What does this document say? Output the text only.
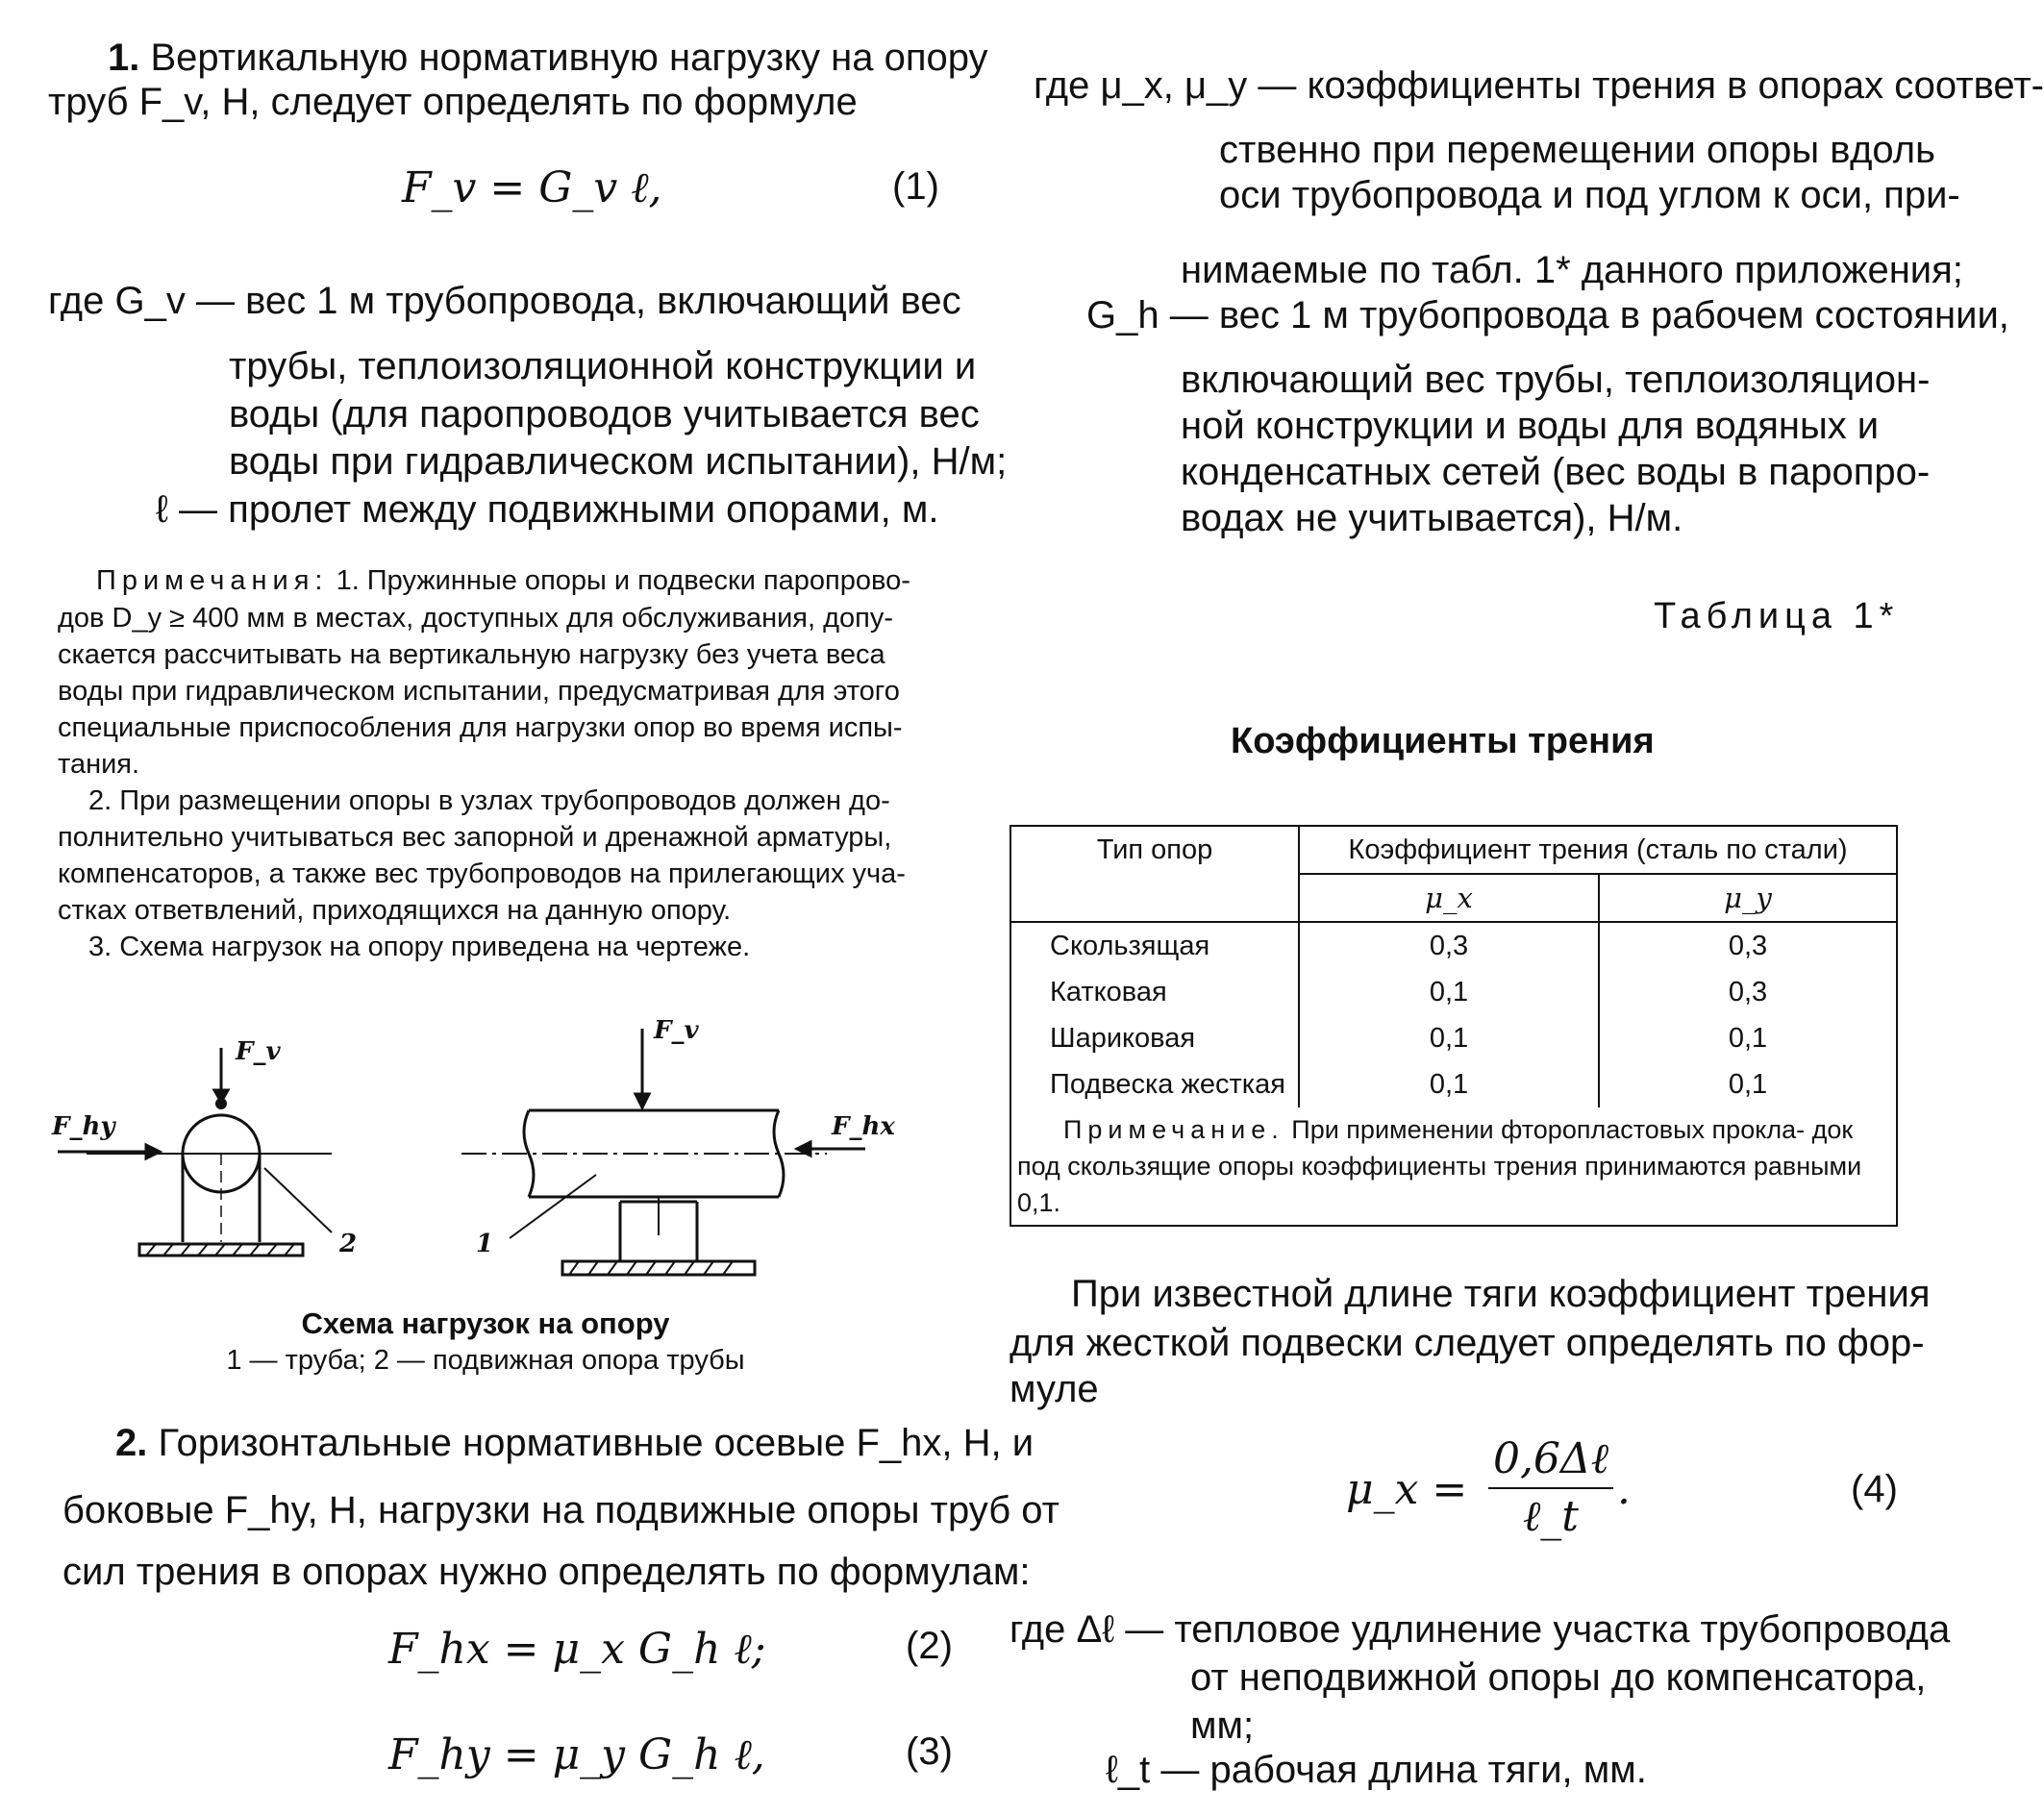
1. Вертикальную нормативную нагрузку на опору
труб F_v, Н, следует определять по формуле
F_v = G_v ℓ,	(1)
где G_v — вес 1 м трубопровода, включающий вес
трубы, теплоизоляционной конструкции и
воды (для паропроводов учитывается вес
воды при гидравлическом испытании), Н/м;
ℓ — пролет между подвижными опорами, м.
Примечания: 1. Пружинные опоры и подвески паропрово-
дов D_y ≥ 400 мм в местах, доступных для обслуживания, допу-
скается рассчитывать на вертикальную нагрузку без учета веса
воды при гидравлическом испытании, предусматривая для этого
специальные приспособления для нагрузки опор во время испы-
тания.
2. При размещении опоры в узлах трубопроводов должен до-
полнительно учитываться вес запорной и дренажной арматуры,
компенсаторов, а также вес трубопроводов на прилегающих уча-
стках ответвлений, приходящихся на данную опору.
3. Схема нагрузок на опору приведена на чертеже.
F_v
F_hy
F_v
F_hx
2	1
Схема нагрузок на опору
1 — труба; 2 — подвижная опора трубы
2. Горизонтальные нормативные осевые F_hx, Н, и
боковые F_hy, Н, нагрузки на подвижные опоры труб от
сил трения в опорах нужно определять по формулам:
F_hx = μ_x G_h ℓ;	(2)
F_hy = μ_y G_h ℓ,	(3)
где μ_x, μ_y — коэффициенты трения в опорах соответ-
ственно при перемещении опоры вдоль
оси трубопровода и под углом к оси, при-
нимаемые по табл. 1* данного приложения;
G_h — вес 1 м трубопровода в рабочем состоянии,
включающий вес трубы, теплоизоляцион-
ной конструкции и воды для водяных и
конденсатных сетей (вес воды в паропро-
водах не учитывается), Н/м.
Таблица 1*
Коэффициенты трения
Тип опор	Коэффициент трения (сталь по стали)	
	μ_x	μ_y
Скользящая	0,3	0,3
Катковая	0,1	0,3
Шариковая	0,1	0,1
Подвеска жесткая	0,1	0,1
Примечание. При применении фторопластовых прокла- док под скользящие опоры коэффициенты трения принимаются равными 0,1.		
При известной длине тяги коэффициент трения
для жесткой подвески следует определять по фор-
муле
μ_x =
0,6Δℓ
ℓ_t
.	(4)
где Δℓ — тепловое удлинение участка трубопровода
от неподвижной опоры до компенсатора,
мм;
ℓ_t — рабочая длина тяги, мм.
